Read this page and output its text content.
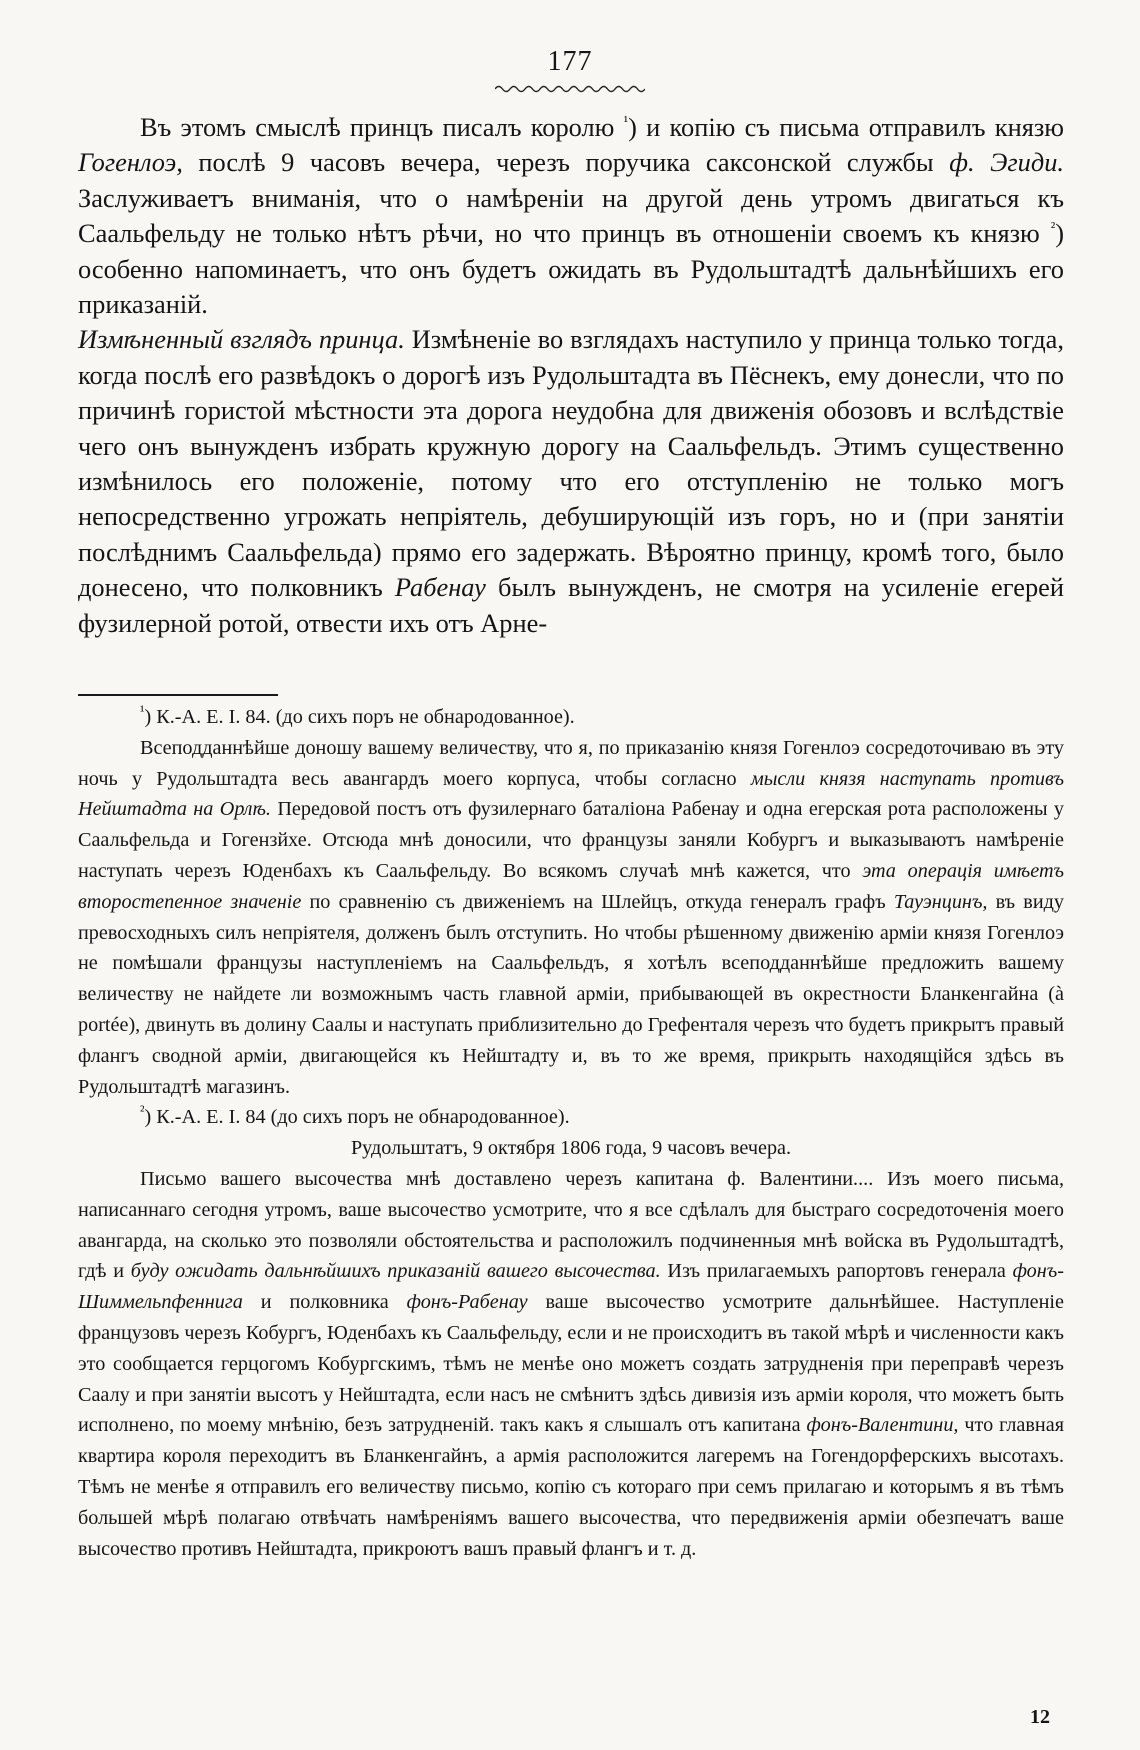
177

Въ этомъ смыслѣ принцъ писалъ королю $^{^1}$) и копію съ письма отправилъ князю Гогенлоэ, послѣ 9 часовъ вечера, черезъ поручика саксонской службы ф. Эгиди. Заслуживаетъ вниманія, что о намѣреніи на другой день утромъ двигаться къ Саальфельду не только нѣтъ рѣчи, но что принцъ въ отношеніи своемъ къ князю $^{^2}$) особенно напоминаетъ, что онъ будетъ ожидать въ Рудольштадтѣ дальнѣйшихъ его приказаній.

Измѣненный взглядъ принца. Измѣненіе во взглядахъ наступило у принца только тогда, когда послѣ его развѣдокъ о дорогѣ изъ Рудольштадта въ Пёснекъ, ему донесли, что по причинѣ гористой мѣстности эта дорога неудобна для движенія обозовъ и вслѣдствіе чего онъ вынужденъ избрать кружную дорогу на Саальфельдъ. Этимъ существенно измѣнилось его положеніе, потому что его отступленію не только могъ непосредственно угрожать непріятель, дебуширующій изъ горъ, но и (при занятіи послѣднимъ Саальфельда) прямо его задержать. Вѣроятно принцу, кромѣ того, было донесено, что полковникъ Рабенау былъ вынужденъ, не смотря на усиленіе егерей фузилерной ротой, отвести ихъ отъ Арне-

$^{^1}$) К.-А. Е. I. 84. (до сихъ поръ не обнародованное).

Всеподданнѣйше доношу вашему величеству, что я, по приказанію князя Гогенлоэ сосредоточиваю въ эту ночь у Рудольштадта весь авангардъ моего корпуса, чтобы согласно мысли князя наступать противъ Нейштадта на Орлѣ. Передовой постъ отъ фузилернаго баталіона Рабенау и одна егерская рота расположены у Саальфельда и Гогензйхе. Отсюда мнѣ доносили, что французы заняли Кобургъ и выказываютъ намѣреніе наступать черезъ Юденбахъ къ Саальфельду. Во всякомъ случаѣ мнѣ кажется, что эта операція имѣетъ второстепенное значеніе по сравненію съ движеніемъ на Шлейцъ, откуда генералъ графъ Тауэнцинъ, въ виду превосходныхъ силъ непріятеля, долженъ былъ отступить. Но чтобы рѣшенному движенію арміи князя Гогенлоэ не помѣшали французы наступленіемъ на Саальфельдъ, я хотѣлъ всеподданнѣйше предложить вашему величеству не найдете ли возможнымъ часть главной арміи, прибывающей въ окрестности Бланкенгайна (à portée), двинуть въ долину Саалы и наступать приблизительно до Грефенталя черезъ что будетъ прикрытъ правый флангъ сводной арміи, двигающейся къ Нейштадту и, въ то же время, прикрыть находящійся здѣсь въ Рудольштадтѣ магазинъ.

$^{^2}$) К.-А. Е. I. 84 (до сихъ поръ не обнародованное).

Рудольштатъ, 9 октября 1806 года, 9 часовъ вечера.

Письмо вашего высочества мнѣ доставлено черезъ капитана ф. Валентини.... Изъ моего письма, написаннаго сегодня утромъ, ваше высочество усмотрите, что я все сдѣлалъ для быстраго сосредоточенія моего авангарда, на сколько это позволяли обстоятельства и расположилъ подчиненныя мнѣ войска въ Рудольштадтѣ, гдѣ и буду ожидать дальнѣйшихъ приказаній вашего высочества. Изъ прилагаемыхъ рапортовъ генерала фонъ-Шиммельпфеннига и полковника фонъ-Рабенау ваше высочество усмотрите дальнѣйшее. Наступленіе французовъ черезъ Кобургъ, Юденбахъ къ Саальфельду, если и не происходитъ въ такой мѣрѣ и численности какъ это сообщается герцогомъ Кобургскимъ, тѣмъ не менѣе оно можетъ создать затрудненія при переправѣ черезъ Саалу и при занятіи высотъ у Нейштадта, если насъ не смѣнитъ здѣсь дивизія изъ арміи короля, что можетъ быть исполнено, по моему мнѣнію, безъ затрудненій. такъ какъ я слышалъ отъ капитана фонъ-Валентини, что главная квартира короля переходитъ въ Бланкенгайнъ, а армія расположится лагеремъ на Гогендорферскихъ высотахъ. Тѣмъ не менѣе я отправилъ его величеству письмо, копію съ котораго при семъ прилагаю и которымъ я въ тѣмъ большей мѣрѣ полагаю отвѣчать намѣреніямъ вашего высочества, что передвиженія арміи обезпечатъ ваше высочество противъ Нейштадта, прикроютъ вашъ правый флангъ и т. д.

12
